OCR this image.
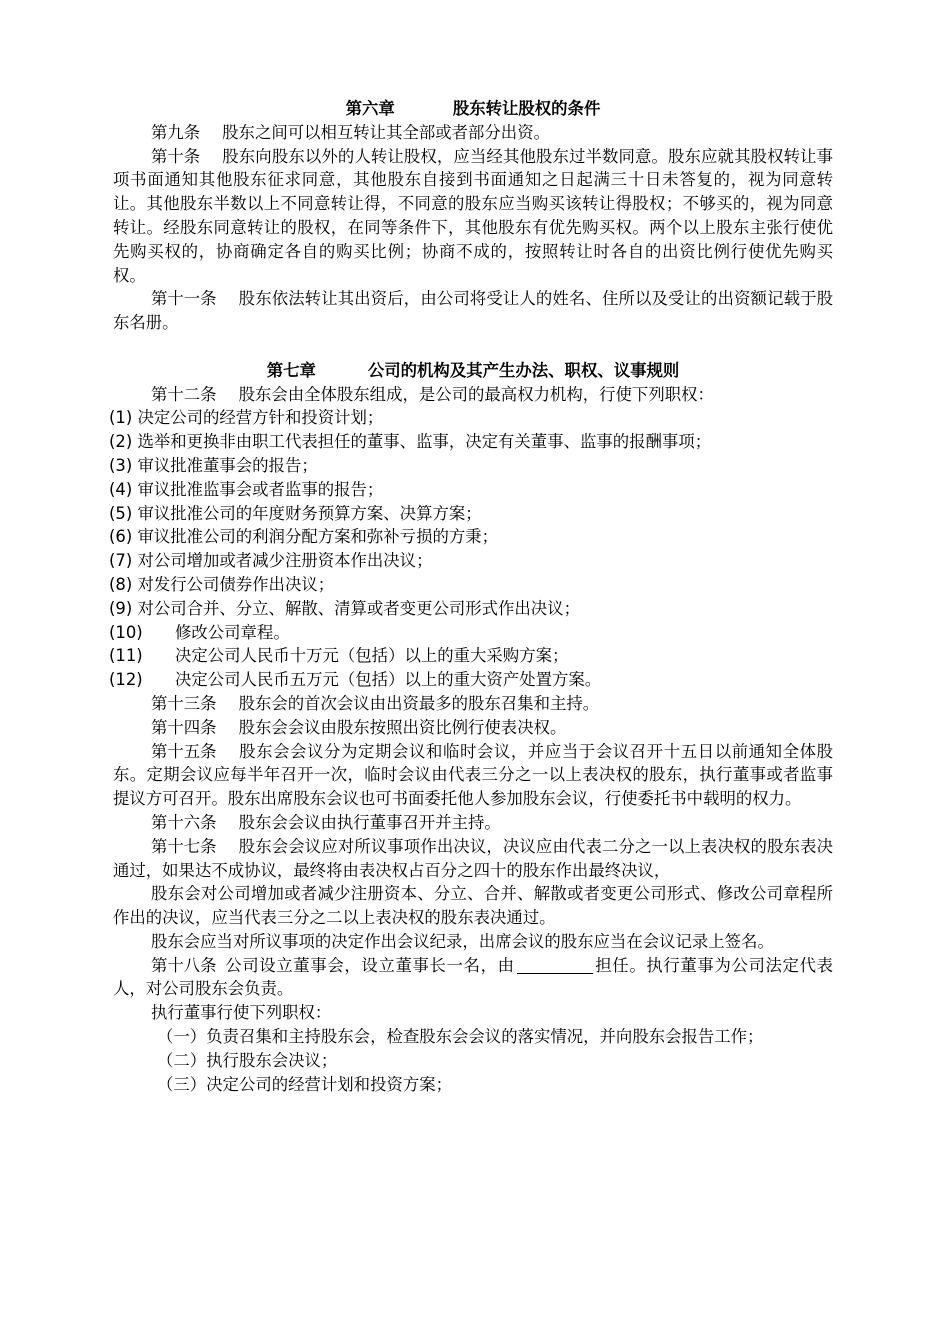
第六章	股东转让股权的条件

第九条 股东之间可以相互转让其全部或者部分出资。

第十条 股东向股东以外的人转让股权，应当经其他股东过半数同意。股东应就其股权转让事项书面通知其他股东征求同意，其他股东自接到书面通知之日起满三十日未答复的，视为同意转让。其他股东半数以上不同意转让得，不同意的股东应当购买该转让得股权；不够买的，视为同意转让。经股东同意转让的股权，在同等条件下，其他股东有优先购买权。两个以上股东主张行使优先购买权的，协商确定各自的购买比例；协商不成的，按照转让时各自的出资比例行使优先购买权。

第十一条 股东依法转让其出资后，由公司将受让人的姓名、住所以及受让的出资额记载于股东名册。

第七章	公司的机构及其产生办法、职权、议事规则

第十二条 股东会由全体股东组成，是公司的最高权力机构，行使下列职权：

(1) 决定公司的经营方针和投资计划；

(2) 选举和更换非由职工代表担任的董事、监事，决定有关董事、监事的报酬事项；

(3) 审议批准董事会的报告；

(4) 审议批准监事会或者监事的报告；

(5) 审议批准公司的年度财务预算方案、决算方案；

(6) 审议批准公司的利润分配方案和弥补亏损的方秉；

(7) 对公司增加或者减少注册资本作出决议；

(8) 对发行公司债券作出决议；

(9) 对公司合并、分立、解散、清算或者变更公司形式作出决议；

(10) 修改公司章程。

(11) 决定公司人民币十万元（包括）以上的重大采购方案；

(12) 决定公司人民币五万元（包括）以上的重大资产处置方案。

第十三条 股东会的首次会议由出资最多的股东召集和主持。

第十四条 股东会会议由股东按照出资比例行使表决权。

第十五条 股东会会议分为定期会议和临时会议，并应当于会议召开十五日以前通知全体股东。定期会议应每半年召开一次，临时会议由代表三分之一以上表决权的股东，执行董事或者监事提议方可召开。股东出席股东会议也可书面委托他人参加股东会议，行使委托书中载明的权力。

第十六条 股东会会议由执行董事召开并主持。

第十七条 股东会会议应对所议事项作出决议，决议应由代表二分之一以上表决权的股东表决通过，如果达不成协议，最终将由表决权占百分之四十的股东作出最终决议，

股东会对公司增加或者减少注册资本、分立、合并、解散或者变更公司形式、修改公司章程所作出的决议，应当代表三分之二以上表决权的股东表决通过。

股东会应当对所议事项的决定作出会议纪录，出席会议的股东应当在会议记录上签名。

第十八条 公司设立董事会，设立董事长一名，由	担任。执行董事为公司法定代表人，对公司股东会负责。

执行董事行使下列职权：

（一）负责召集和主持股东会，检查股东会会议的落实情况，并向股东会报告工作；

（二）执行股东会决议；

（三）决定公司的经营计划和投资方案；
